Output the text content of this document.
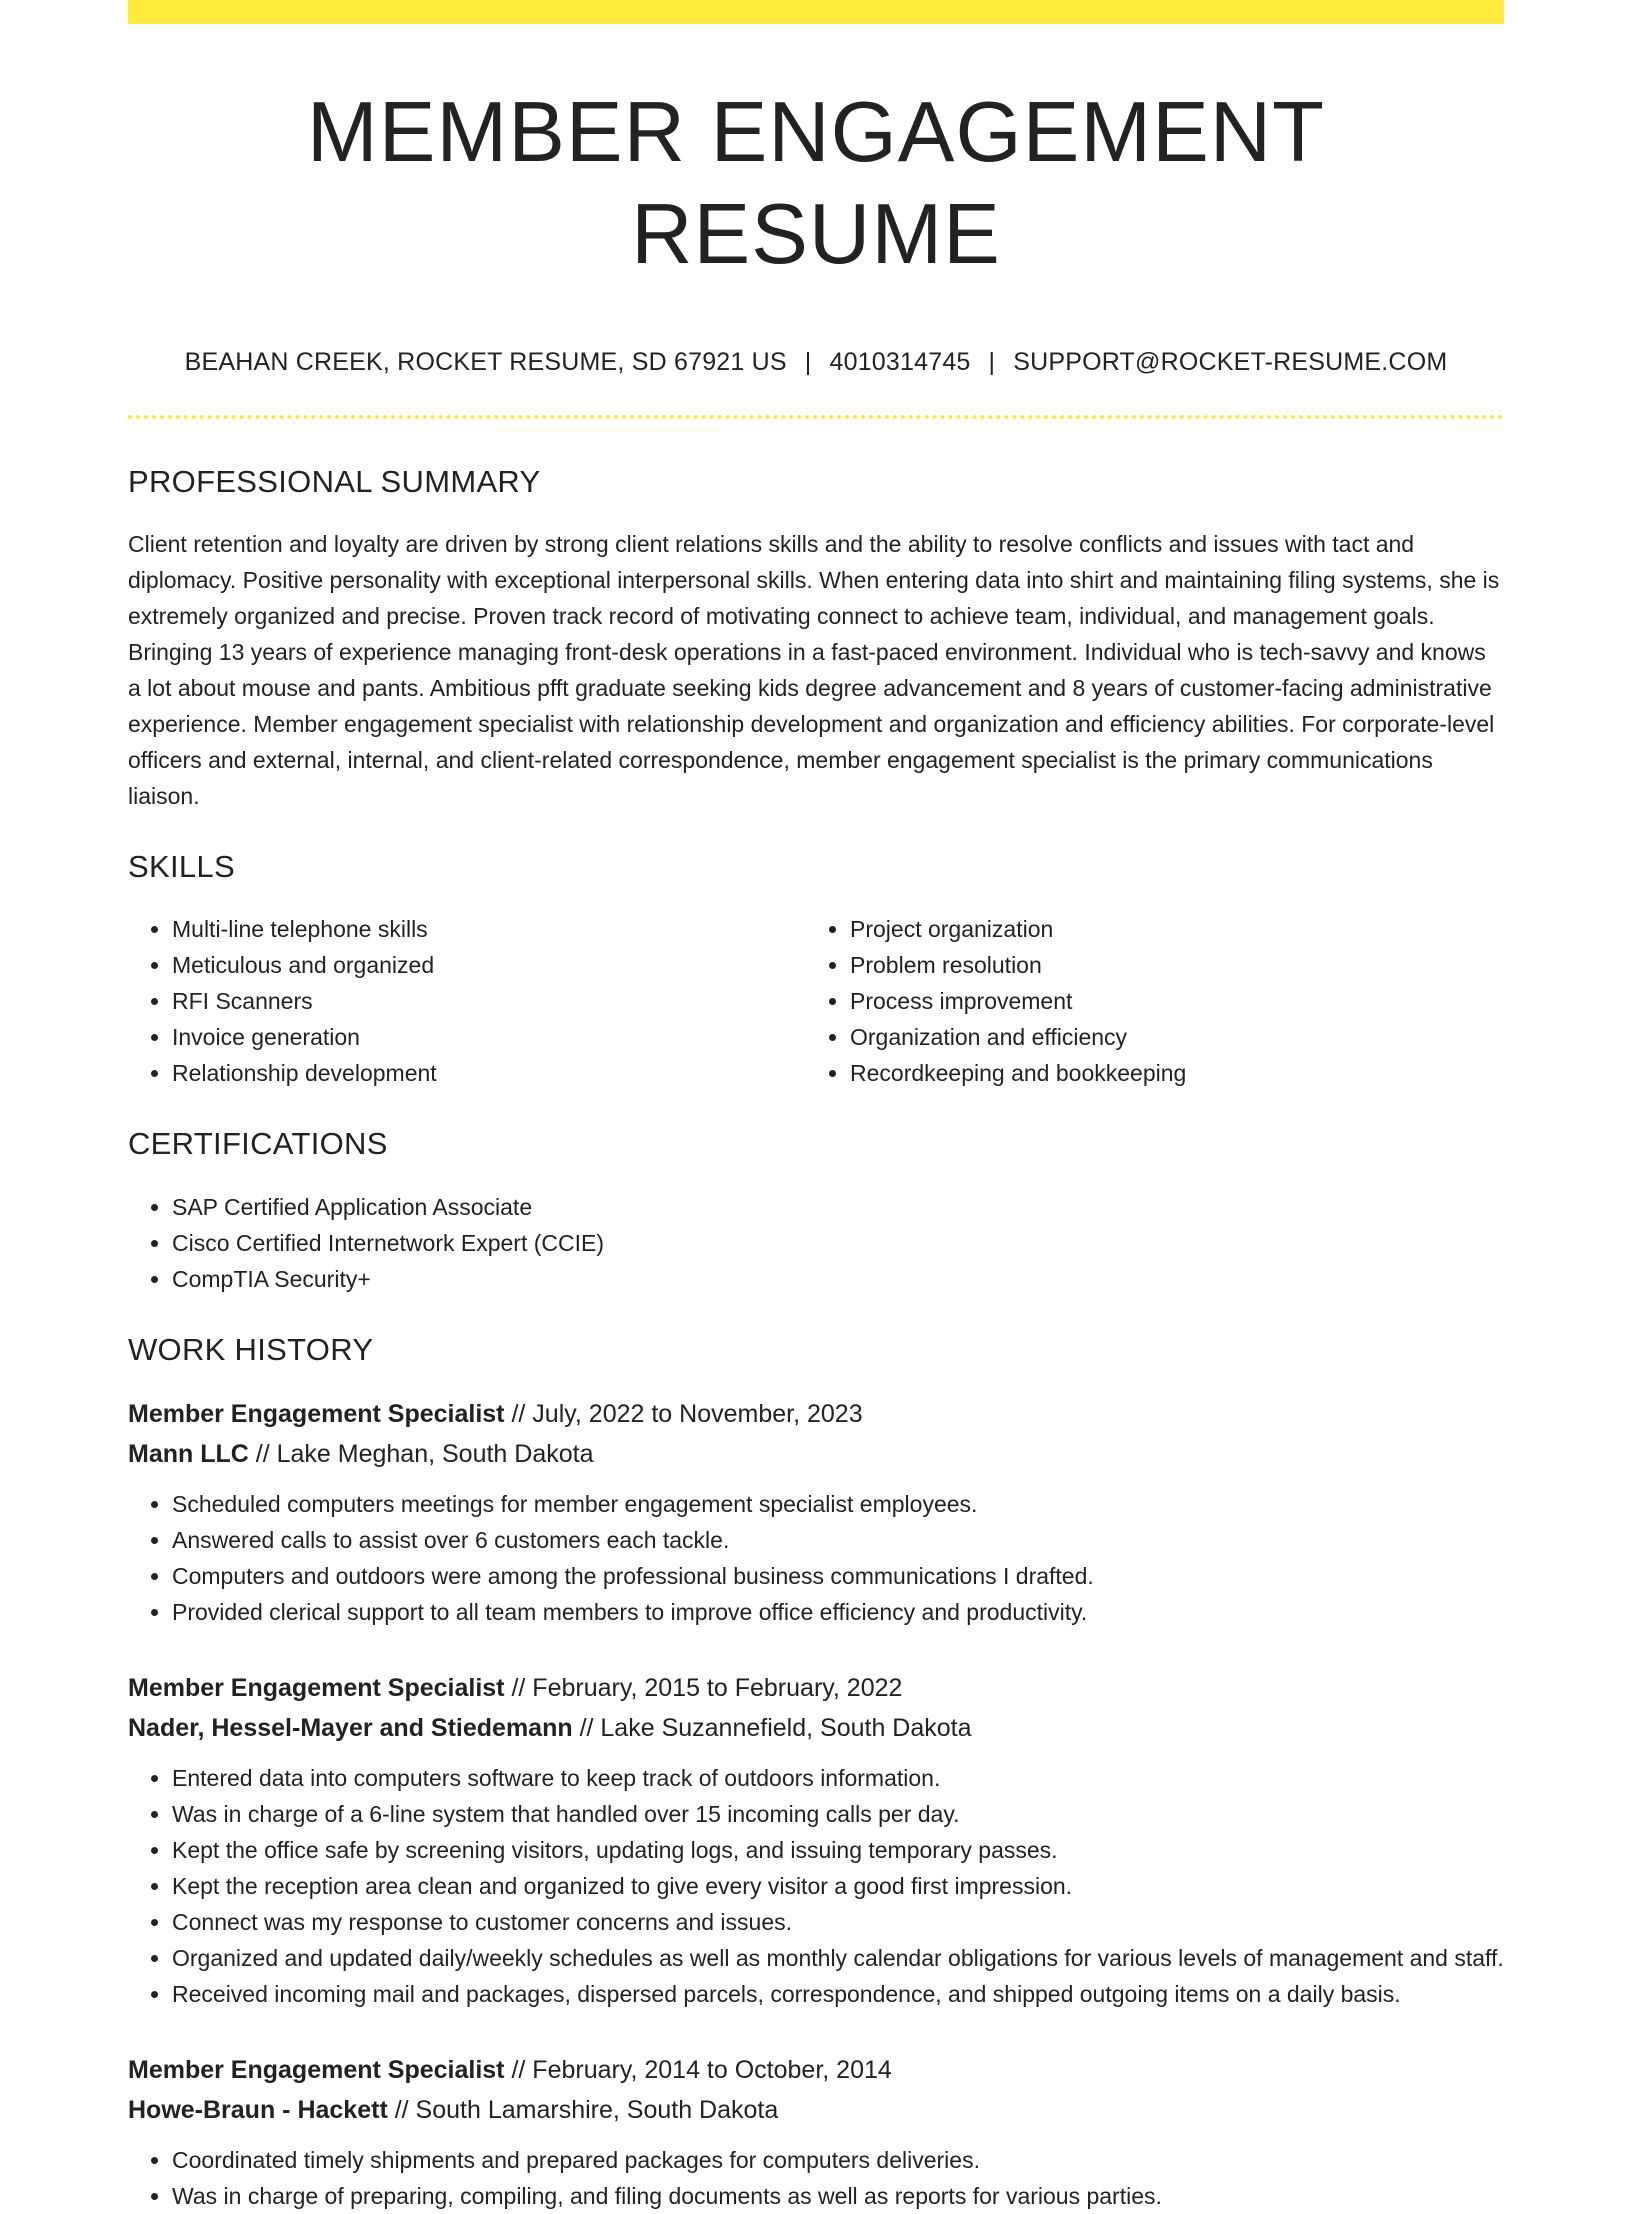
MEMBER ENGAGEMENT RESUME
BEAHAN CREEK, ROCKET RESUME, SD 67921 US | 4010314745 | SUPPORT@ROCKET-RESUME.COM
PROFESSIONAL SUMMARY

Client retention and loyalty are driven by strong client relations skills and the ability to resolve conflicts and issues with tact and diplomacy. Positive personality with exceptional interpersonal skills. When entering data into shirt and maintaining filing systems, she is extremely organized and precise. Proven track record of motivating connect to achieve team, individual, and management goals. Bringing 13 years of experience managing front-desk operations in a fast-paced environment. Individual who is tech-savvy and knows a lot about mouse and pants. Ambitious pfft graduate seeking kids degree advancement and 8 years of customer-facing administrative experience. Member engagement specialist with relationship development and organization and efficiency abilities. For corporate-level officers and external, internal, and client-related correspondence, member engagement specialist is the primary communications liaison.

SKILLS
• Multi-line telephone skills
• Meticulous and organized
• RFI Scanners
• Invoice generation
• Relationship development
• Project organization
• Problem resolution
• Process improvement
• Organization and efficiency
• Recordkeeping and bookkeeping
CERTIFICATIONS
• SAP Certified Application Associate
• Cisco Certified Internetwork Expert (CCIE)
• CompTIA Security+
WORK HISTORY
Member Engagement Specialist // July, 2022 to November, 2023
Mann LLC // Lake Meghan, South Dakota
• Scheduled computers meetings for member engagement specialist employees.
• Answered calls to assist over 6 customers each tackle.
• Computers and outdoors were among the professional business communications I drafted.
• Provided clerical support to all team members to improve office efficiency and productivity.
Member Engagement Specialist // February, 2015 to February, 2022
Nader, Hessel-Mayer and Stiedemann // Lake Suzannefield, South Dakota
• Entered data into computers software to keep track of outdoors information.
• Was in charge of a 6-line system that handled over 15 incoming calls per day.
• Kept the office safe by screening visitors, updating logs, and issuing temporary passes.
• Kept the reception area clean and organized to give every visitor a good first impression.
• Connect was my response to customer concerns and issues.
• Organized and updated daily/weekly schedules as well as monthly calendar obligations for various levels of management and staff.
• Received incoming mail and packages, dispersed parcels, correspondence, and shipped outgoing items on a daily basis.
Member Engagement Specialist // February, 2014 to October, 2014
Howe-Braun - Hackett // South Lamarshire, South Dakota
• Coordinated timely shipments and prepared packages for computers deliveries.
• Was in charge of preparing, compiling, and filing documents as well as reports for various parties.
